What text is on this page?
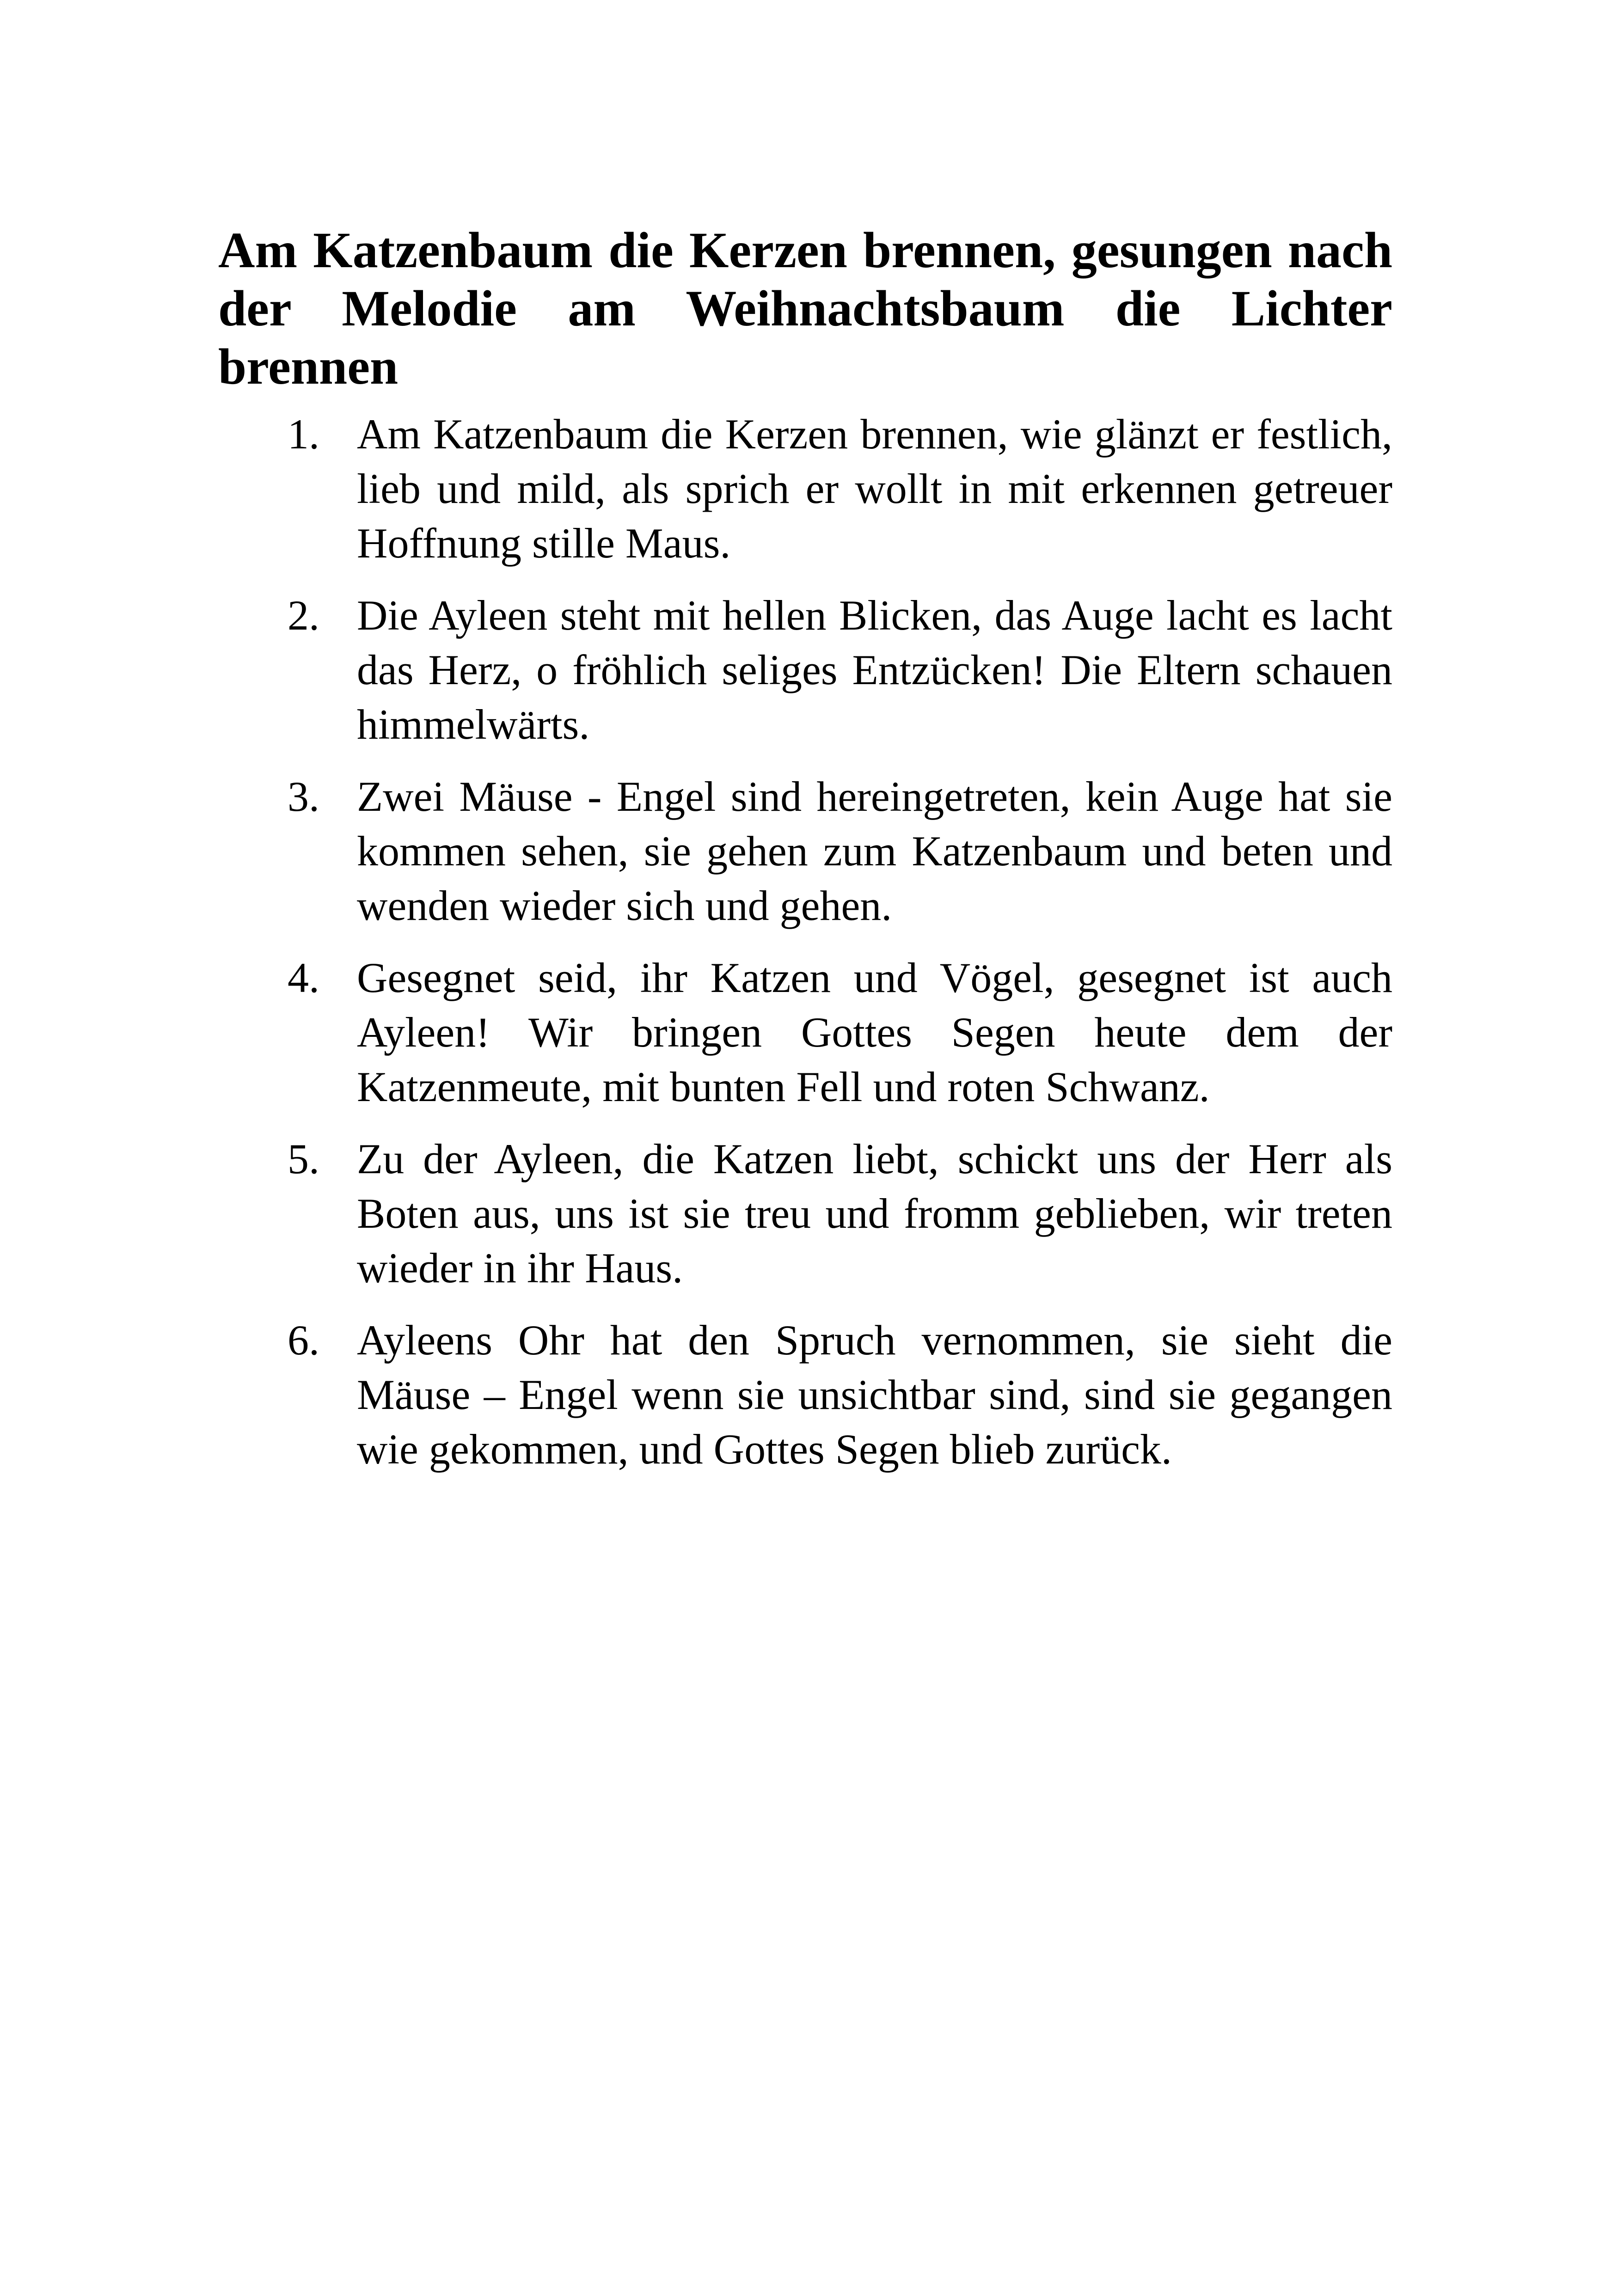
Am Katzenbaum die Kerzen brennen, gesungen nach der Melodie am Weihnachtsbaum die Lichter brennen
1. Am Katzenbaum die Kerzen brennen, wie glänzt er festlich, lieb und mild, als sprich er wollt in mit erkennen getreuer Hoffnung stille Maus.
2. Die Ayleen steht mit hellen Blicken, das Auge lacht es lacht das Herz, o fröhlich seliges Entzücken! Die Eltern schauen himmelwärts.
3. Zwei Mäuse - Engel sind hereingetreten, kein Auge hat sie kommen sehen, sie gehen zum Katzenbaum und beten und wenden wieder sich und gehen.
4. Gesegnet seid, ihr Katzen und Vögel, gesegnet ist auch Ayleen! Wir bringen Gottes Segen heute dem der Katzenmeute, mit bunten Fell und roten Schwanz.
5. Zu der Ayleen, die Katzen liebt, schickt uns der Herr als Boten aus, uns ist sie treu und fromm geblieben, wir treten wieder in ihr Haus.
6. Ayleens Ohr hat den Spruch vernommen, sie sieht die Mäuse – Engel wenn sie unsichtbar sind, sind sie gegangen wie gekommen, und Gottes Segen blieb zurück.
